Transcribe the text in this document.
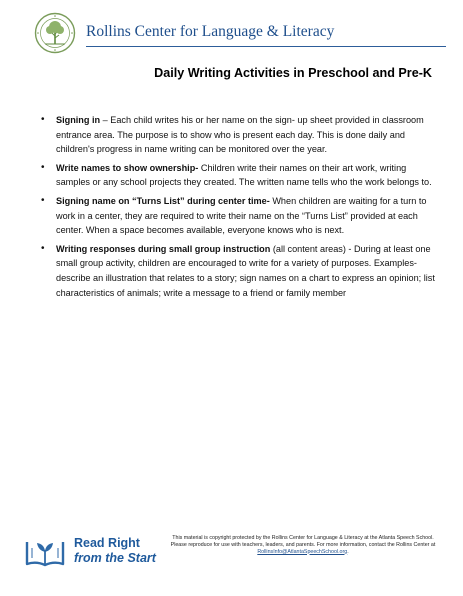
Rollins Center for Language & Literacy
Daily Writing Activities in Preschool and Pre-K
• Signing in – Each child writes his or her name on the sign- up sheet provided in classroom entrance area. The purpose is to show who is present each day. This is done daily and children's progress in name writing can be monitored over the year.
• Write names to show ownership- Children write their names on their art work, writing samples or any school projects they created. The written name tells who the work belongs to.
• Signing name on “Turns List” during center time- When children are waiting for a turn to work in a center, they are required to write their name on the “Turns List” provided at each center. When a space becomes available, everyone knows who is next.
• Writing responses during small group instruction (all content areas) - During at least one small group activity, children are encouraged to write for a variety of purposes. Examples- describe an illustration that relates to a story; sign names on a chart to express an opinion; list characteristics of animals; write a message to a friend or family member
Read Right
from the Start
This material is copyright protected by the Rollins Center for Language & Literacy at the Atlanta Speech School. Please reproduce for use with teachers, leaders, and parents. For more information, contact the Rollins Center at RollinsInfo@AtlantaSpeechSchool.org.
